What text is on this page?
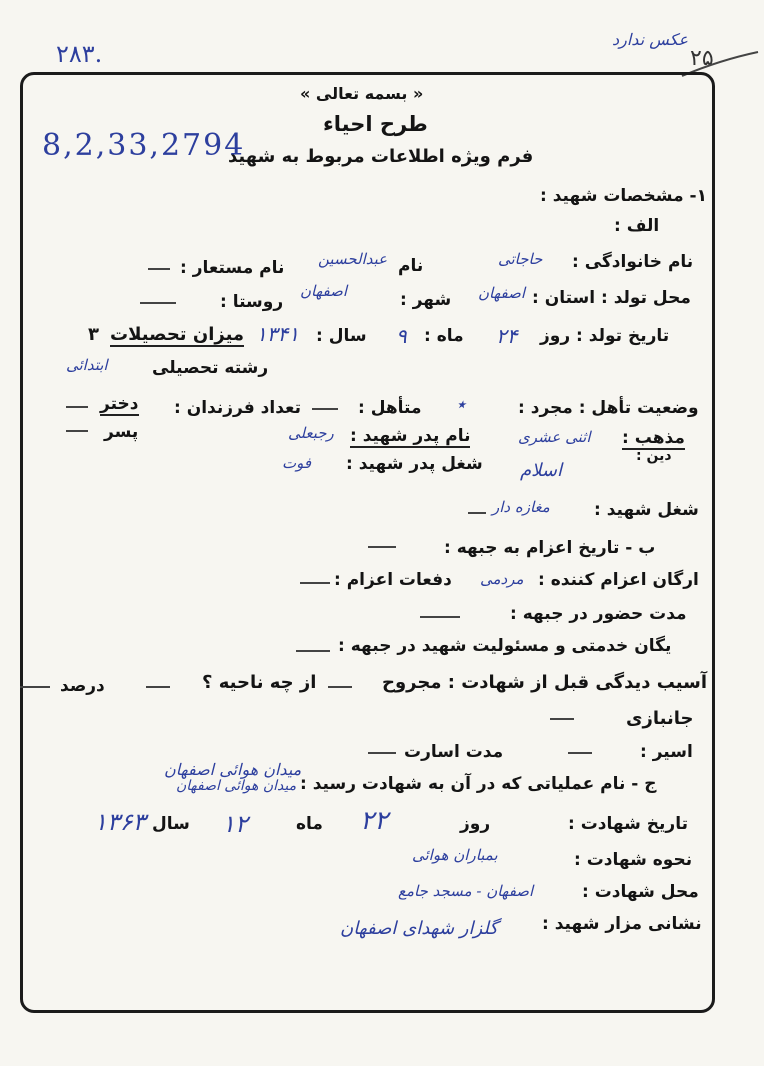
۲۸۳.
عکس ندارد
۲۵
« بسمه تعالی »
طرح احیاء
فرم ویژه اطلاعات مربوط به شهید
8,2,33,2794
۱- مشخصات شهید :
الف :
نام خانوادگی :
حاجاتی
نام
عبدالحسین
نام مستعار :
محل تولد : استان :
اصفهان
شهر :
اصفهان
روستا :
تاریخ تولد : روز
۲۴
ماه :
۹
سال :
۱۳۴۱
میزان تحصیلات
۳
رشته تحصیلی
ابتدائی
وضعیت تأهل : مجرد :
٭
متأهل :
تعداد فرزندان :
دختر
پسر	مذهب :
دین :
اثنی عشری
اسلام
نام پدر شهید :
رجبعلی
شغل پدر شهید :
فوت
شغل شهید :
مغازه دار
ب - تاریخ اعزام به جبهه :
ارگان اعزام کننده :
مردمی
دفعات اعزام :
مدت حضور در جبهه :
یگان خدمتی و مسئولیت شهید در جبهه :
آسیب دیدگی قبل از شهادت : مجروح
از چه ناحیه ؟
درصد
جانبازی
اسیر :
مدت اسارت
میدان هوائی اصفهان
ج - نام عملیاتی که در آن به شهادت رسید :
میدان هوائی اصفهان
تاریخ شهادت :
روز
۲۲
ماه
۱۲
سال
۱۳۶۳
نحوه شهادت :
بمباران هوائی
محل شهادت :
اصفهان - مسجد جامع
نشانی مزار شهید :
گلزار شهدای اصفهان
